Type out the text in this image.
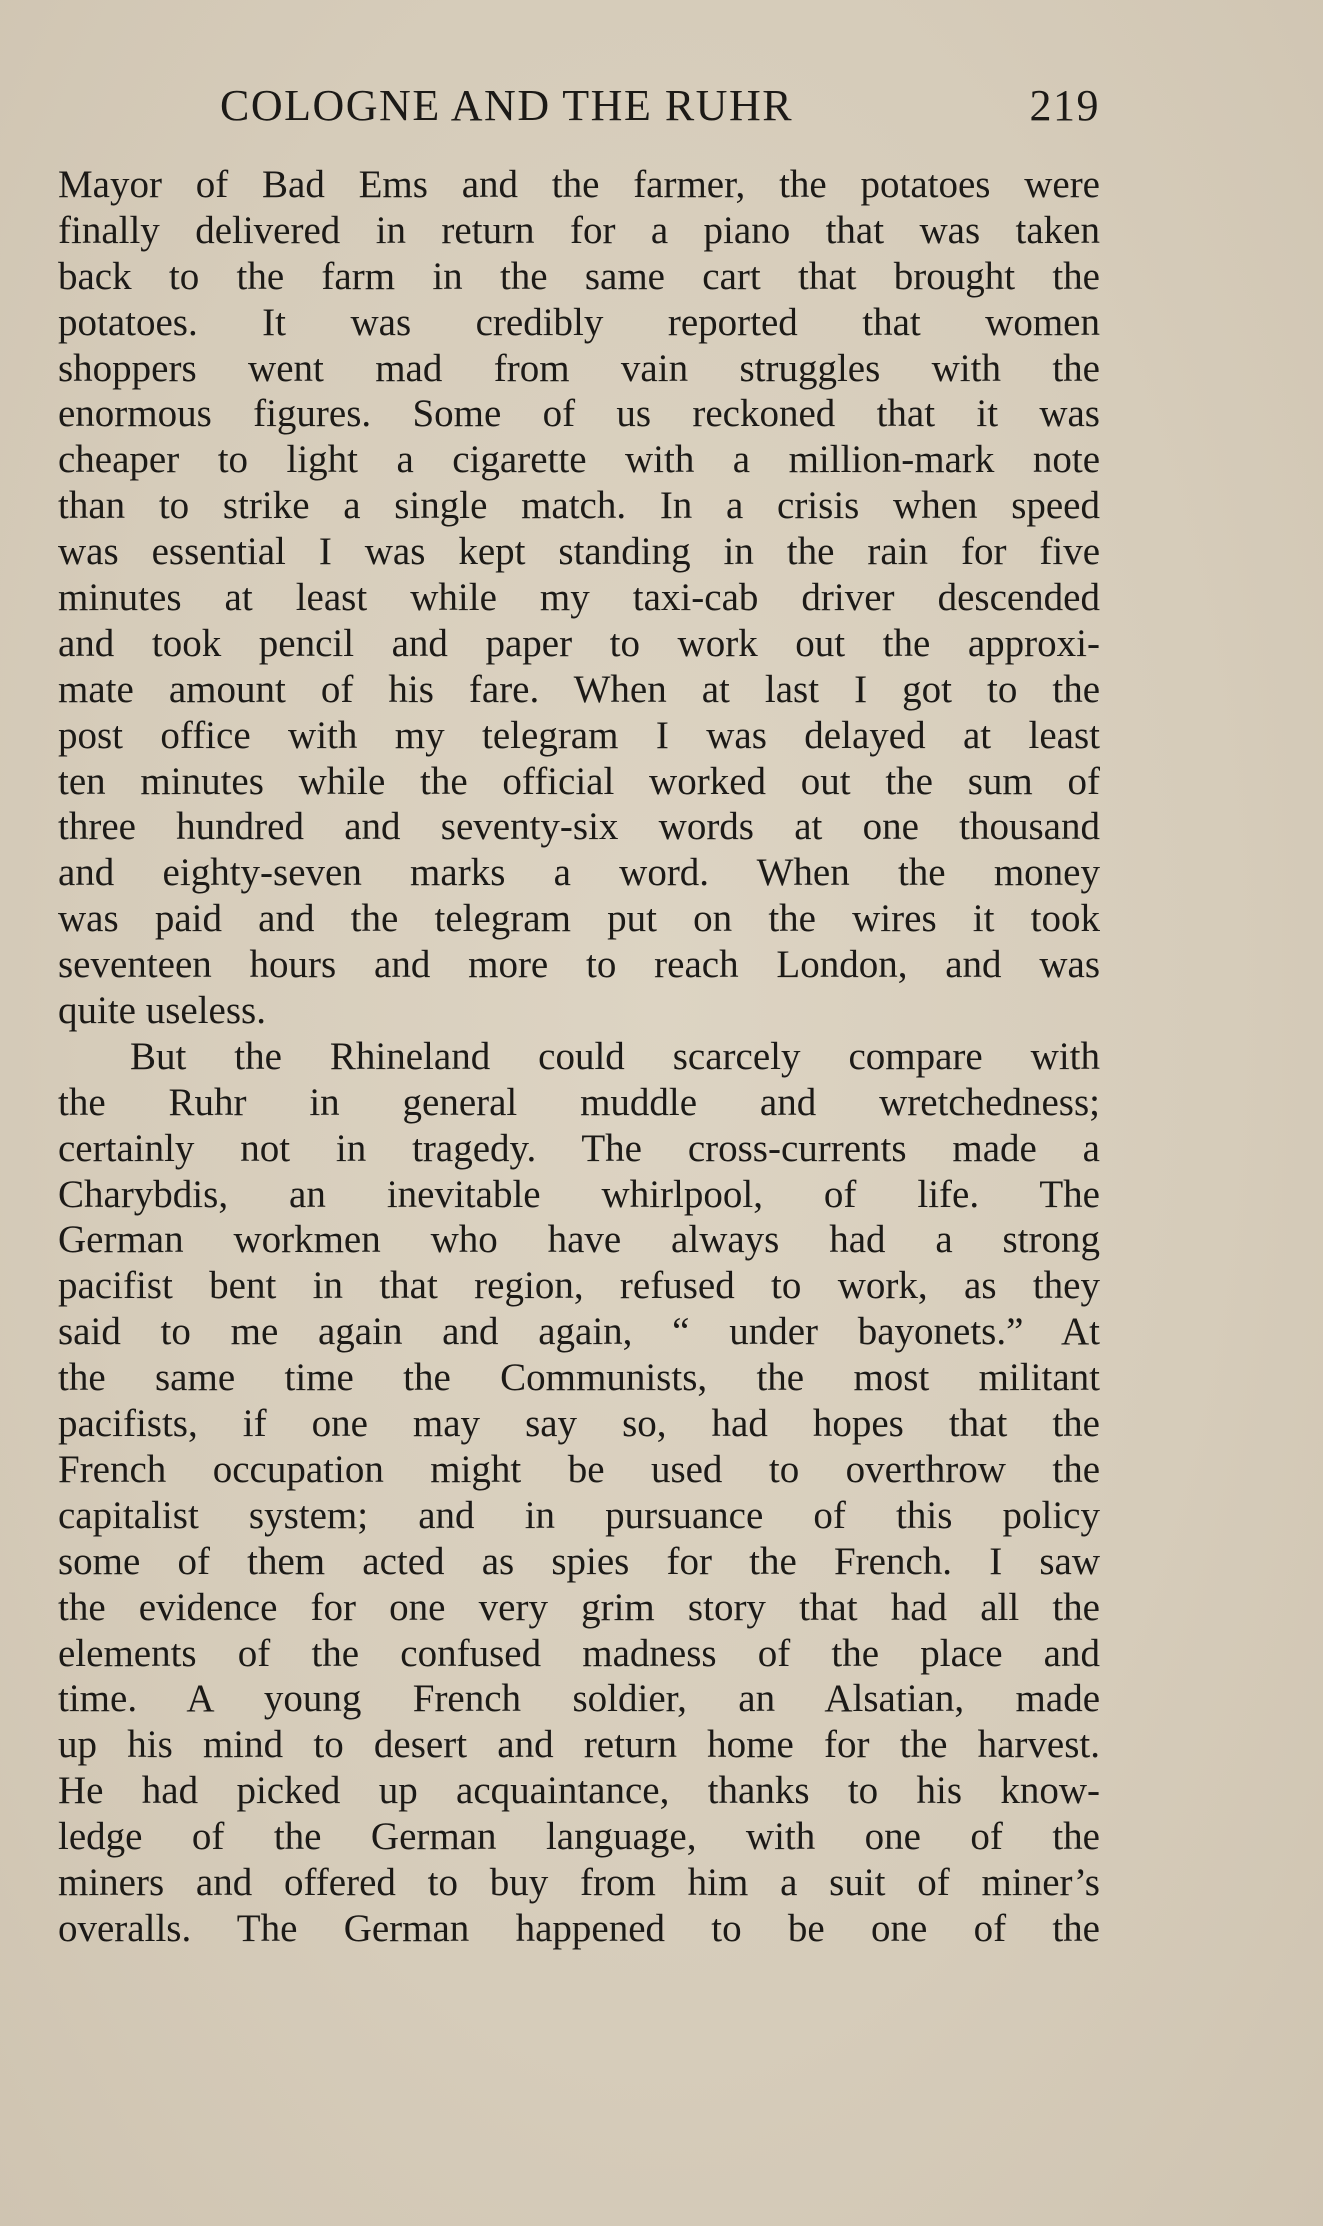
COLOGNE AND THE RUHR	219
Mayor of Bad Ems and the farmer, the potatoes were
finally delivered in return for a piano that was taken
back to the farm in the same cart that brought the
potatoes. It was credibly reported that women
shoppers went mad from vain struggles with the
enormous figures. Some of us reckoned that it was
cheaper to light a cigarette with a million-mark note
than to strike a single match. In a crisis when speed
was essential I was kept standing in the rain for five
minutes at least while my taxi-cab driver descended
and took pencil and paper to work out the approxi-
mate amount of his fare. When at last I got to the
post office with my telegram I was delayed at least
ten minutes while the official worked out the sum of
three hundred and seventy-six words at one thousand
and eighty-seven marks a word. When the money
was paid and the telegram put on the wires it took
seventeen hours and more to reach London, and was
quite useless.
But the Rhineland could scarcely compare with
the Ruhr in general muddle and wretchedness;
certainly not in tragedy. The cross-currents made a
Charybdis, an inevitable whirlpool, of life. The
German workmen who have always had a strong
pacifist bent in that region, refused to work, as they
said to me again and again, “ under bayonets.” At
the same time the Communists, the most militant
pacifists, if one may say so, had hopes that the
French occupation might be used to overthrow the
capitalist system; and in pursuance of this policy
some of them acted as spies for the French. I saw
the evidence for one very grim story that had all the
elements of the confused madness of the place and
time. A young French soldier, an Alsatian, made
up his mind to desert and return home for the harvest.
He had picked up acquaintance, thanks to his know-
ledge of the German language, with one of the
miners and offered to buy from him a suit of miner’s
overalls. The German happened to be one of the
